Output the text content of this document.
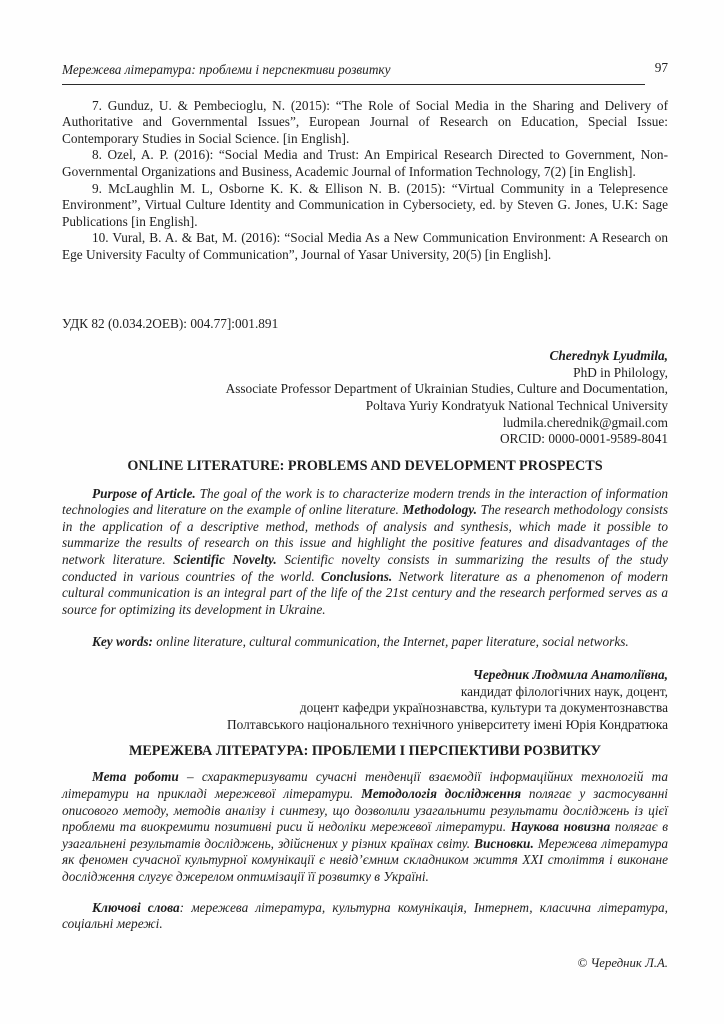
Мережева література: проблеми і перспективи розвитку	97

7. Gunduz, U. & Pembecioglu, N. (2015): “The Role of Social Media in the Sharing and Delivery of Authoritative and Governmental Issues”, European Journal of Research on Education, Special Issue: Contemporary Studies in Social Science. [in English].

8. Ozel, A. P. (2016): “Social Media and Trust: An Empirical Research Directed to Government, Non-Governmental Organizations and Business, Academic Journal of Information Technology, 7(2) [in English].

9. McLaughlin M. L, Osborne K. K. & Ellison N. B. (2015): “Virtual Community in a Telepresence Environment”, Virtual Culture Identity and Communication in Cybersociety, ed. by Steven G. Jones, U.K: Sage Publications [in English].

10. Vural, B. A. & Bat, M. (2016): “Social Media As a New Communication Environment: A Research on Ege University Faculty of Communication”, Journal of Yasar University, 20(5) [in English].

УДК 82 (0.034.2ОЕВ): 004.77]:001.891

Cherednyk Lyudmila,
PhD in Philology,
Associate Professor Department of Ukrainian Studies, Culture and Documentation,
Poltava Yuriy Kondratyuk National Technical University
ludmila.cherednik@gmail.com
ORCID: 0000-0001-9589-8041

ONLINE LITERATURE: PROBLEMS AND DEVELOPMENT PROSPECTS

Purpose of Article. The goal of the work is to characterize modern trends in the interaction of information technologies and literature on the example of online literature. Methodology. The research methodology consists in the application of a descriptive method, methods of analysis and synthesis, which made it possible to summarize the results of research on this issue and highlight the positive features and disadvantages of the network literature. Scientific Novelty. Scientific novelty consists in summarizing the results of the study conducted in various countries of the world. Conclusions. Network literature as a phenomenon of modern cultural communication is an integral part of the life of the 21st century and the research performed serves as a source for optimizing its development in Ukraine.

Key words: online literature, cultural communication, the Internet, paper literature, social networks.

Чередник Людмила Анатоліївна,
кандидат філологічних наук, доцент,
доцент кафедри українознавства, культури та документознавства
Полтавського національного технічного університету імені Юрія Кондратюка

МЕРЕЖЕВА ЛІТЕРАТУРА: ПРОБЛЕМИ І ПЕРСПЕКТИВИ РОЗВИТКУ

Мета роботи – схарактеризувати сучасні тенденції взаємодії інформаційних технологій та літератури на прикладі мережевої літератури. Методологія дослідження полягає у застосуванні описового методу, методів аналізу і синтезу, що дозволили узагальнити результати досліджень із цієї проблеми та виокремити позитивні риси й недоліки мережевої літератури. Наукова новизна полягає в узагальнені результатів досліджень, здійснених у різних країнах світу. Висновки. Мережева література як феномен сучасної культурної комунікації є невід’ємним складником життя XXI століття і виконане дослідження слугує джерелом оптимізації її розвитку в Україні.

Ключові слова: мережева література, культурна комунікація, Інтернет, класична література, соціальні мережі.

© Чередник Л.А.
